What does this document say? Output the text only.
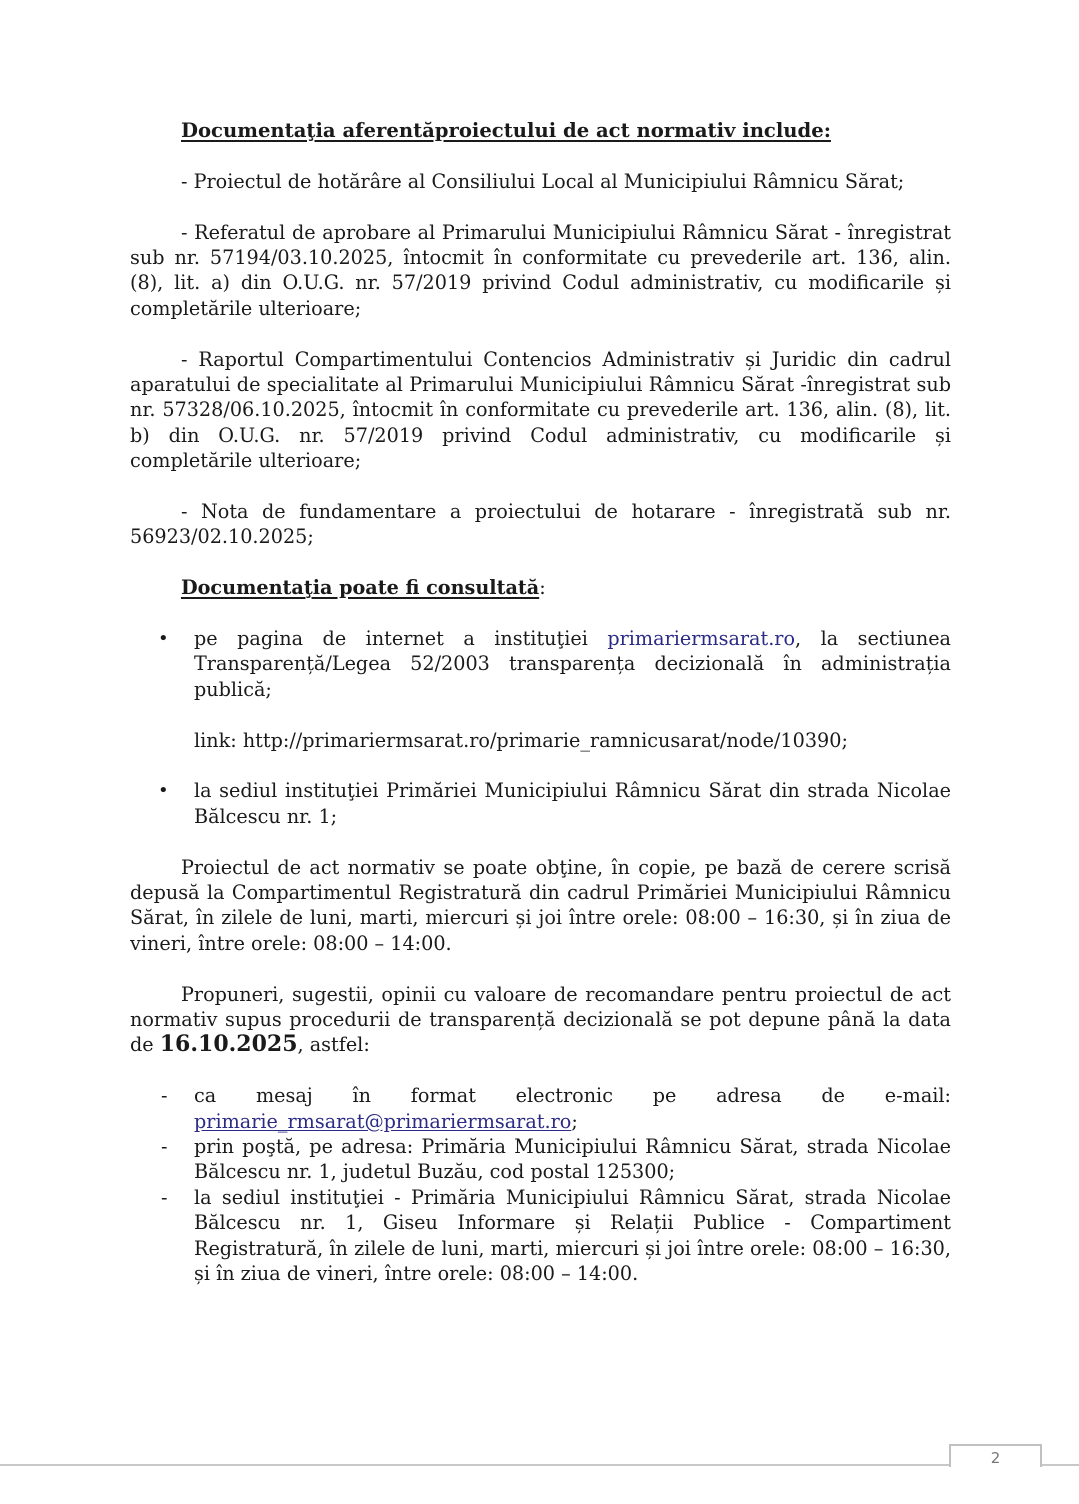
Documentaţia aferentăproiectului de act normativ include:

- Proiectul de hotărâre al Consiliului Local al Municipiului Râmnicu Sărat;

- Referatul de aprobare al Primarului Municipiului Râmnicu Sărat - înregistrat sub nr. 57194/03.10.2025, întocmit în conformitate cu prevederile art. 136, alin. (8), lit. a) din O.U.G. nr. 57/2019 privind Codul administrativ, cu modificarile și completările ulterioare;

- Raportul Compartimentului Contencios Administrativ și Juridic din cadrul aparatului de specialitate al Primarului Municipiului Râmnicu Sărat -înregistrat sub nr. 57328/06.10.2025, întocmit în conformitate cu prevederile art. 136, alin. (8), lit. b) din O.U.G. nr. 57/2019 privind Codul administrativ, cu modificarile și completările ulterioare;

- Nota de fundamentare a proiectului de hotarare - înregistrată sub nr. 56923/02.10.2025;

Documentaţia poate fi consultată:

• pe pagina de internet a instituţiei primariermsarat.ro, la sectiunea Transparență/Legea 52/2003 transparența decizională în administrația publică;

link: http://primariermsarat.ro/primarie_ramnicusarat/node/10390;

• la sediul instituţiei Primăriei Municipiului Râmnicu Sărat din strada Nicolae Bălcescu nr. 1;

Proiectul de act normativ se poate obţine, în copie, pe bază de cerere scrisă depusă la Compartimentul Registratură din cadrul Primăriei Municipiului Râmnicu Sărat, în zilele de luni, marti, miercuri și joi între orele: 08:00 – 16:30, și în ziua de vineri, între orele: 08:00 – 14:00.

Propuneri, sugestii, opinii cu valoare de recomandare pentru proiectul de act normativ supus procedurii de transparență decizională se pot depune până la data de 16.10.2025, astfel:

- ca mesaj în format electronic pe adresa de e-mail: primarie_rmsarat@primariermsarat.ro;

- prin poştă, pe adresa: Primăria Municipiului Râmnicu Sărat, strada Nicolae Bălcescu nr. 1, judetul Buzău, cod postal 125300;

- la sediul instituţiei - Primăria Municipiului Râmnicu Sărat, strada Nicolae Bălcescu nr. 1, Giseu Informare și Relații Publice - Compartiment Registratură, în zilele de luni, marti, miercuri și joi între orele: 08:00 – 16:30, și în ziua de vineri, între orele: 08:00 – 14:00.

2
